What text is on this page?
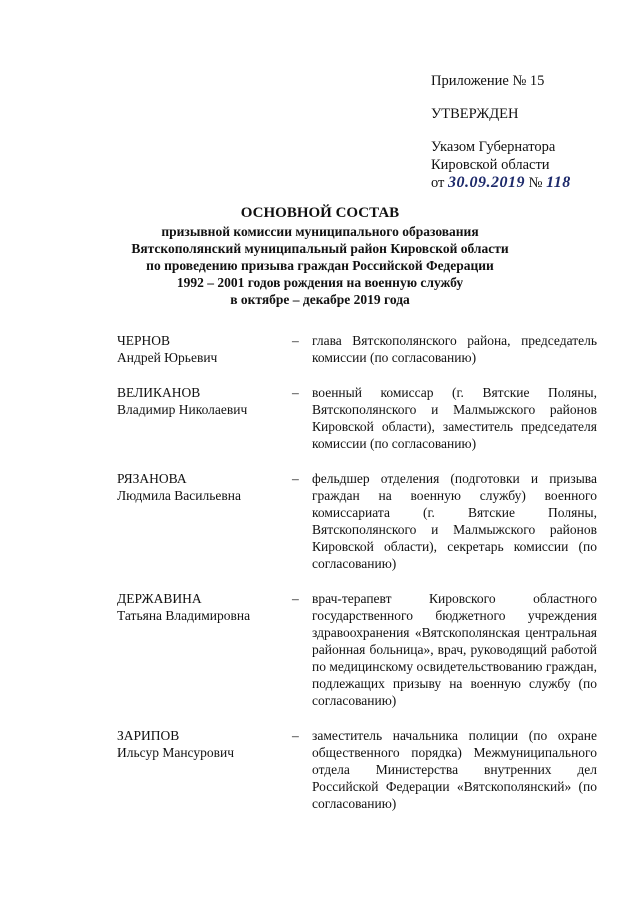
Приложение № 15
УТВЕРЖДЕН
Указом Губернатора
Кировской области
от 30.09.2019 № 118
ОСНОВНОЙ СОСТАВ
призывной комиссии муниципального образования
Вятскополянский муниципальный район Кировской области
по проведению призыва граждан Российской Федерации
1992 – 2001 годов рождения на военную службу
в октябре – декабре 2019 года
ЧЕРНОВ
Андрей Юрьевич
– глава Вятскополянского района, председатель комиссии (по согласованию)
ВЕЛИКАНОВ
Владимир Николаевич
– военный комиссар (г. Вятские Поляны, Вятскополянского и Малмыжского районов Кировской области), заместитель председателя комиссии (по согласованию)
РЯЗАНОВА
Людмила Васильевна
– фельдшер отделения (подготовки и призыва граждан на военную службу) военного комиссариата (г. Вятские Поляны, Вятскополянского и Малмыжского районов Кировской области), секретарь комиссии (по согласованию)
ДЕРЖАВИНА
Татьяна Владимировна
– врач-терапевт Кировского областного государственного бюджетного учреждения здравоохранения «Вятскополянская центральная районная больница», врач, руководящий работой по медицинскому освидетельствованию граждан, подлежащих призыву на военную службу (по согласованию)
ЗАРИПОВ
Ильсур Мансурович
– заместитель начальника полиции (по охране общественного порядка) Межмуниципального отдела Министерства внутренних дел Российской Федерации «Вятскополянский» (по согласованию)
